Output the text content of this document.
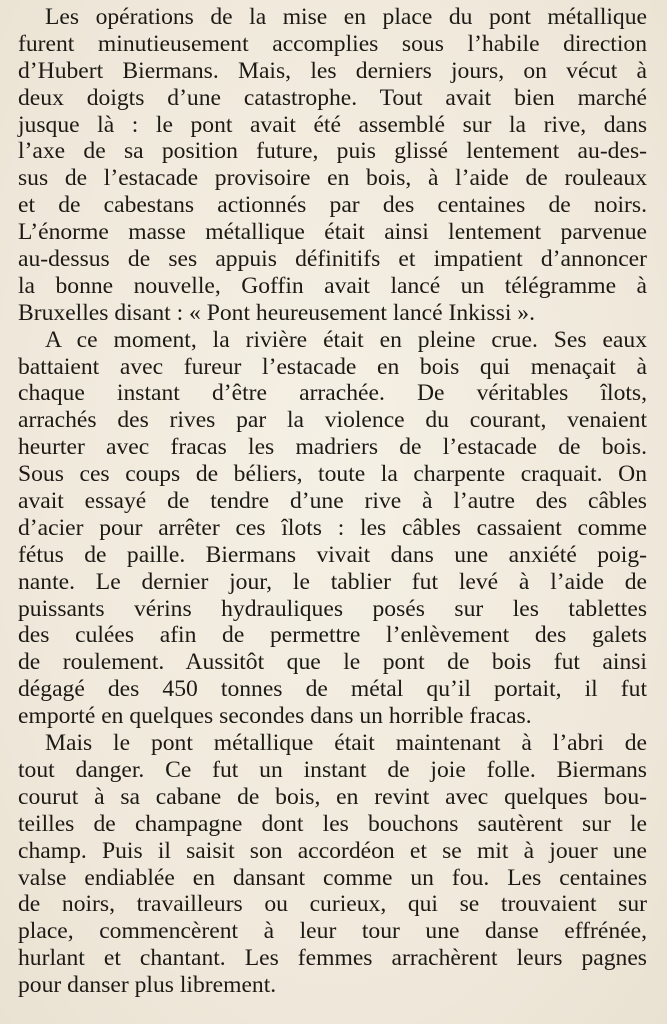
Les opérations de la mise en place du pont métallique
furent minutieusement accomplies sous l’habile direction
d’Hubert Biermans. Mais, les derniers jours, on vécut à
deux doigts d’une catastrophe. Tout avait bien marché
jusque là : le pont avait été assemblé sur la rive, dans
l’axe de sa position future, puis glissé lentement au-des-
sus de l’estacade provisoire en bois, à l’aide de rouleaux
et de cabestans actionnés par des centaines de noirs.
L’énorme masse métallique était ainsi lentement parvenue
au-dessus de ses appuis définitifs et impatient d’annoncer
la bonne nouvelle, Goffin avait lancé un télégramme à
Bruxelles disant : « Pont heureusement lancé Inkissi ».
A ce moment, la rivière était en pleine crue. Ses eaux
battaient avec fureur l’estacade en bois qui menaçait à
chaque instant d’être arrachée. De véritables îlots,
arrachés des rives par la violence du courant, venaient
heurter avec fracas les madriers de l’estacade de bois.
Sous ces coups de béliers, toute la charpente craquait. On
avait essayé de tendre d’une rive à l’autre des câbles
d’acier pour arrêter ces îlots : les câbles cassaient comme
fétus de paille. Biermans vivait dans une anxiété poig-
nante. Le dernier jour, le tablier fut levé à l’aide de
puissants vérins hydrauliques posés sur les tablettes
des culées afin de permettre l’enlèvement des galets
de roulement. Aussitôt que le pont de bois fut ainsi
dégagé des 450 tonnes de métal qu’il portait, il fut
emporté en quelques secondes dans un horrible fracas.
Mais le pont métallique était maintenant à l’abri de
tout danger. Ce fut un instant de joie folle. Biermans
courut à sa cabane de bois, en revint avec quelques bou-
teilles de champagne dont les bouchons sautèrent sur le
champ. Puis il saisit son accordéon et se mit à jouer une
valse endiablée en dansant comme un fou. Les centaines
de noirs, travailleurs ou curieux, qui se trouvaient sur
place, commencèrent à leur tour une danse effrénée,
hurlant et chantant. Les femmes arrachèrent leurs pagnes
pour danser plus librement.
